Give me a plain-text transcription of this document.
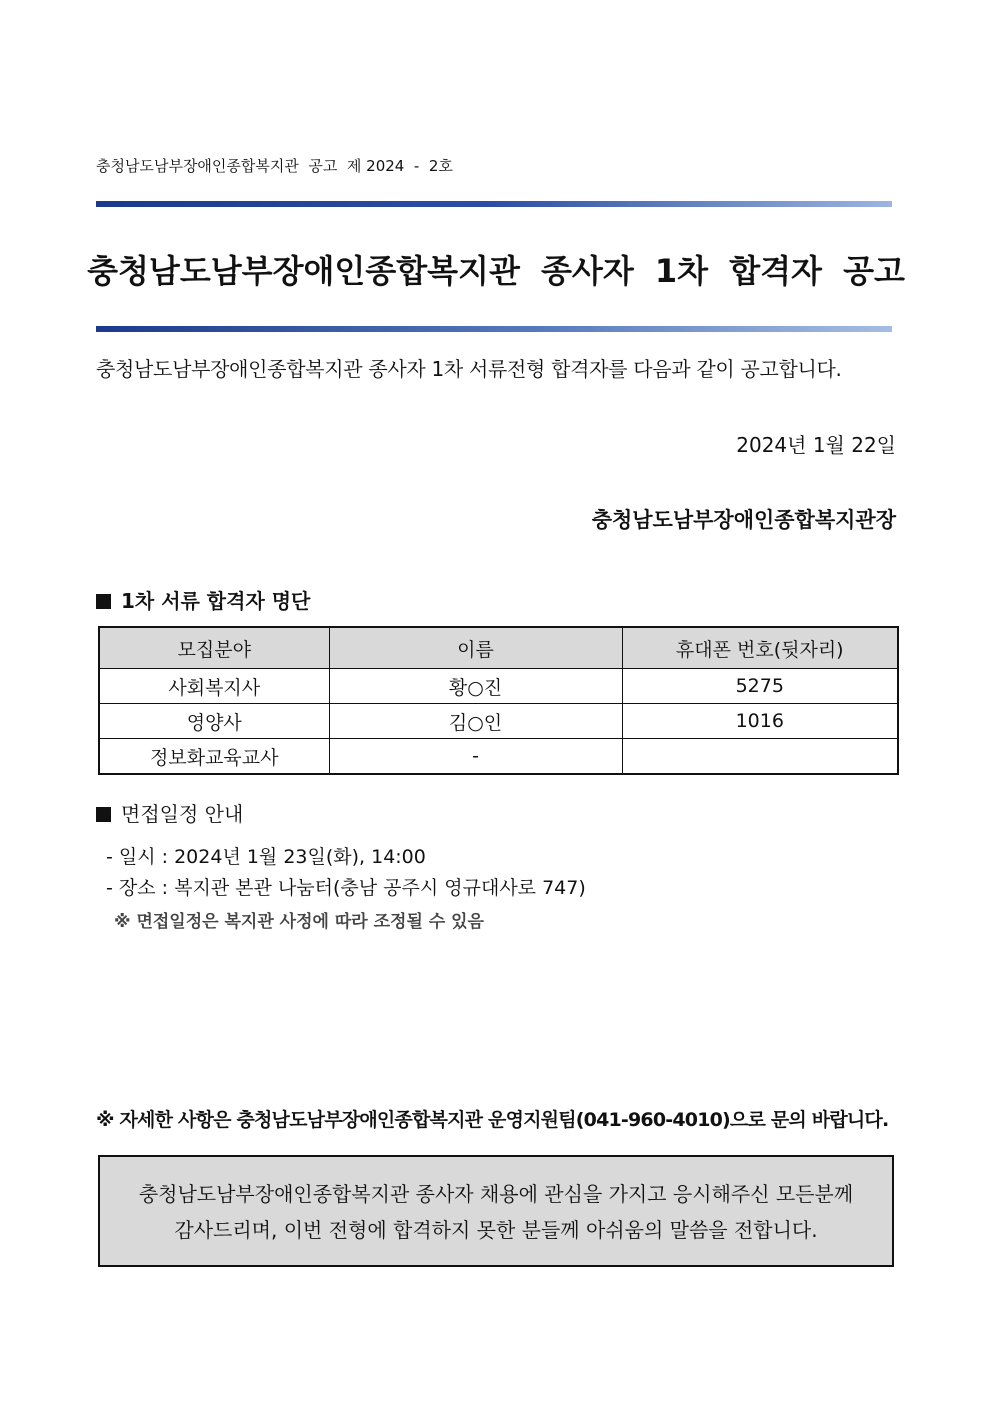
충청남도남부장애인종합복지관  공고  제 2024  -  2호
충청남도남부장애인종합복지관 종사자 1차 합격자 공고
충청남도남부장애인종합복지관 종사자 1차 서류전형 합격자를 다음과 같이 공고합니다.
2024년 1월 22일
충청남도남부장애인종합복지관장
1차 서류 합격자 명단
모집분야	이름	휴대폰 번호(뒷자리)
사회복지사	황○진	5275
영양사	김○인	1016
정보화교육교사	-	
면접일정 안내
- 일시 : 2024년 1월 23일(화), 14:00
- 장소 : 복지관 본관 나눔터(충남 공주시 영규대사로 747)
※ 면접일정은 복지관 사정에 따라 조정될 수 있음
※ 자세한 사항은 충청남도남부장애인종합복지관 운영지원팀(041-960-4010)으로 문의 바랍니다.
충청남도남부장애인종합복지관 종사자 채용에 관심을 가지고 응시해주신 모든분께
감사드리며, 이번 전형에 합격하지 못한 분들께 아쉬움의 말씀을 전합니다.
